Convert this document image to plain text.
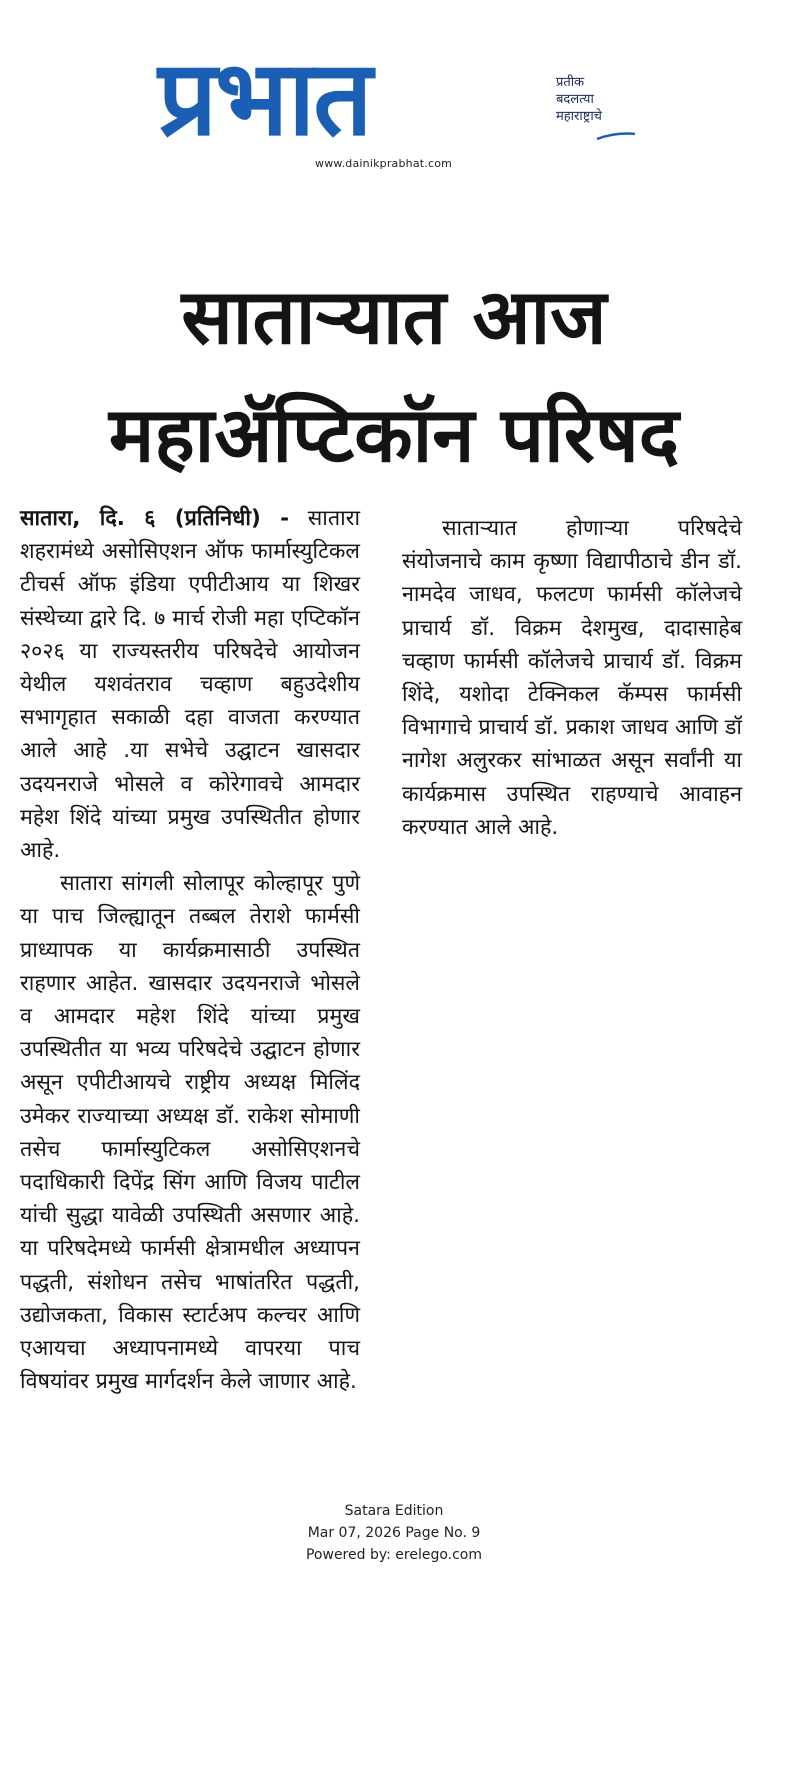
प्रभात	प्रतीक
बदलत्या
महाराष्ट्राचे
www.dainikprabhat.com
साताऱ्यात आज
महाॲप्टिकॉन परिषद

सातारा, दि. ६ (प्रतिनिधी) - सातारा शहरामंध्ये असोसिएशन ऑफ फार्मास्युटिकल टीचर्स ऑफ इंडिया एपीटीआय या शिखर संस्थेच्या द्वारे दि. ७ मार्च रोजी महा एप्टिकॉन २०२६ या राज्यस्तरीय परिषदेचे आयोजन येथील यशवंतराव चव्हाण बहुउदेशीय सभागृहात सकाळी दहा वाजता करण्यात आले आहे .या सभेचे उद्घाटन खासदार उदयनराजे भोसले व कोरेगावचे आमदार महेश शिंदे यांच्या प्रमुख उपस्थितीत होणार आहे.

सातारा सांगली सोलापूर कोल्हापूर पुणे या पाच जिल्ह्यातून तब्बल तेराशे फार्मसी प्राध्यापक या कार्यक्रमासाठी उपस्थित राहणार आहेत. खासदार उदयनराजे भोसले व आमदार महेश शिंदे यांच्या प्रमुख उपस्थितीत या भव्य परिषदेचे उद्घाटन होणार असून एपीटीआयचे राष्ट्रीय अध्यक्ष मिलिंद उमेकर राज्याच्या अध्यक्ष डॉ. राकेश सोमाणी तसेच फार्मास्युटिकल असोसिएशनचे पदाधिकारी दिपेंद्र सिंग आणि विजय पाटील यांची सुद्धा यावेळी उपस्थिती असणार आहे. या परिषदेमध्ये फार्मसी क्षेत्रामधील अध्यापन पद्धती, संशोधन तसेच भाषांतरित पद्धती, उद्योजकता, विकास स्टार्टअप कल्चर आणि एआयचा अध्यापनामध्ये वापरया पाच विषयांवर प्रमुख मार्गदर्शन केले जाणार आहे.

साताऱ्यात होणाऱ्या परिषदेचे संयोजनाचे काम कृष्णा विद्यापीठाचे डीन डॉ. नामदेव जाधव, फलटण फार्मसी कॉलेजचे प्राचार्य डॉ. विक्रम देशमुख, दादासाहेब चव्हाण फार्मसी कॉलेजचे प्राचार्य डॉ. विक्रम शिंदे, यशोदा टेक्निकल कॅम्पस फार्मसी विभागाचे प्राचार्य डॉ. प्रकाश जाधव आणि डॉ नागेश अलुरकर सांभाळत असून सर्वांनी या कार्यक्रमास उपस्थित राहण्याचे आवाहन करण्यात आले आहे.

Satara Edition
Mar 07, 2026 Page No. 9
Powered by: erelego.com
